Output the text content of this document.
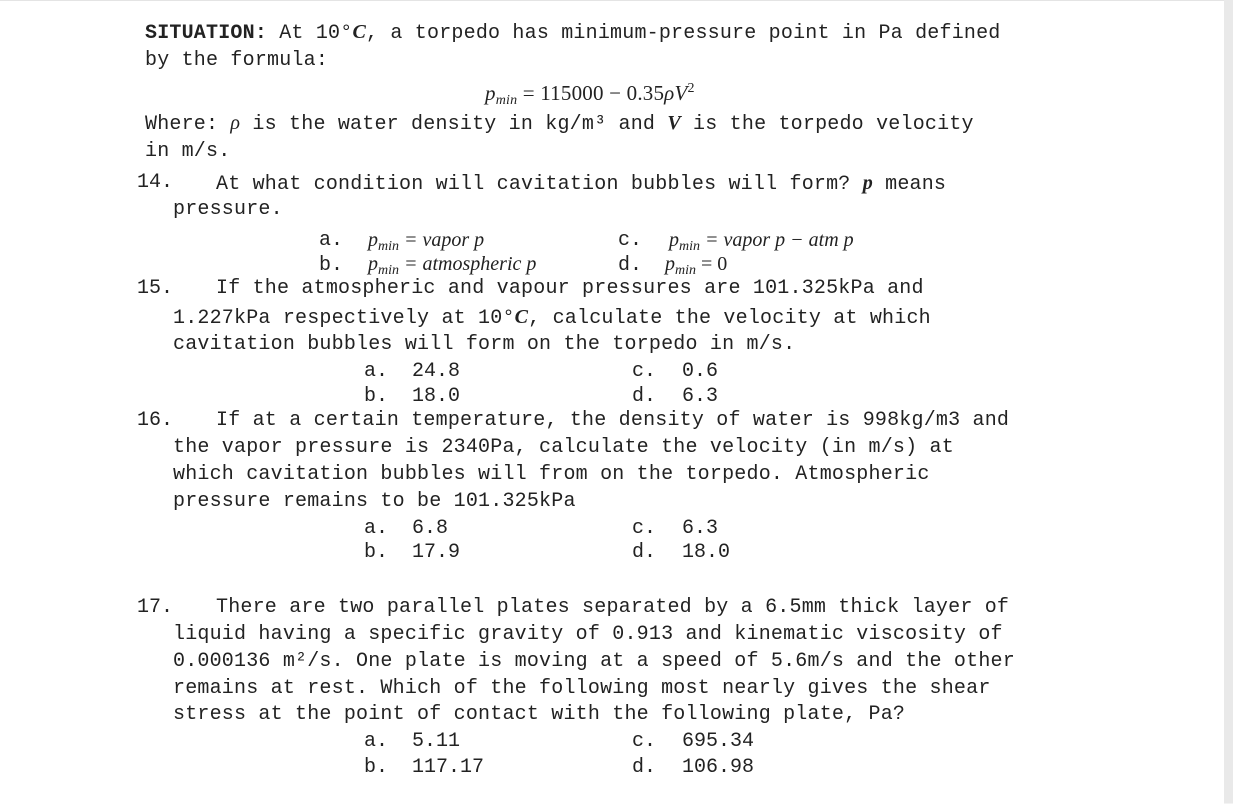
SITUATION: At 10°C, a torpedo has minimum-pressure point in Pa defined
by the formula:
$p_{min} = 115000 - 0.35\rho V^2$
Where: ρ is the water density in kg/m³ and V is the torpedo velocity
in m/s.
14. At what condition will cavitation bubbles will form? p means
pressure.
a. $p_{min}$ = vapor p	c. $p_{min}$ = vapor p − atm p
b. $p_{min}$ = atmospheric p	d. $p_{min} = 0$
15. If the atmospheric and vapour pressures are 101.325kPa and
1.227kPa respectively at 10°C, calculate the velocity at which
cavitation bubbles will form on the torpedo in m/s.
a. 24.8	c. 0.6
b. 18.0	d. 6.3
16. If at a certain temperature, the density of water is 998kg/m3 and
the vapor pressure is 2340Pa, calculate the velocity (in m/s) at
which cavitation bubbles will from on the torpedo. Atmospheric
pressure remains to be 101.325kPa
a. 6.8	c. 6.3
b. 17.9	d. 18.0
17. There are two parallel plates separated by a 6.5mm thick layer of
liquid having a specific gravity of 0.913 and kinematic viscosity of
0.000136 m²/s. One plate is moving at a speed of 5.6m/s and the other
remains at rest. Which of the following most nearly gives the shear
stress at the point of contact with the following plate, Pa?
a. 5.11	c. 695.34
b. 117.17	d. 106.98
